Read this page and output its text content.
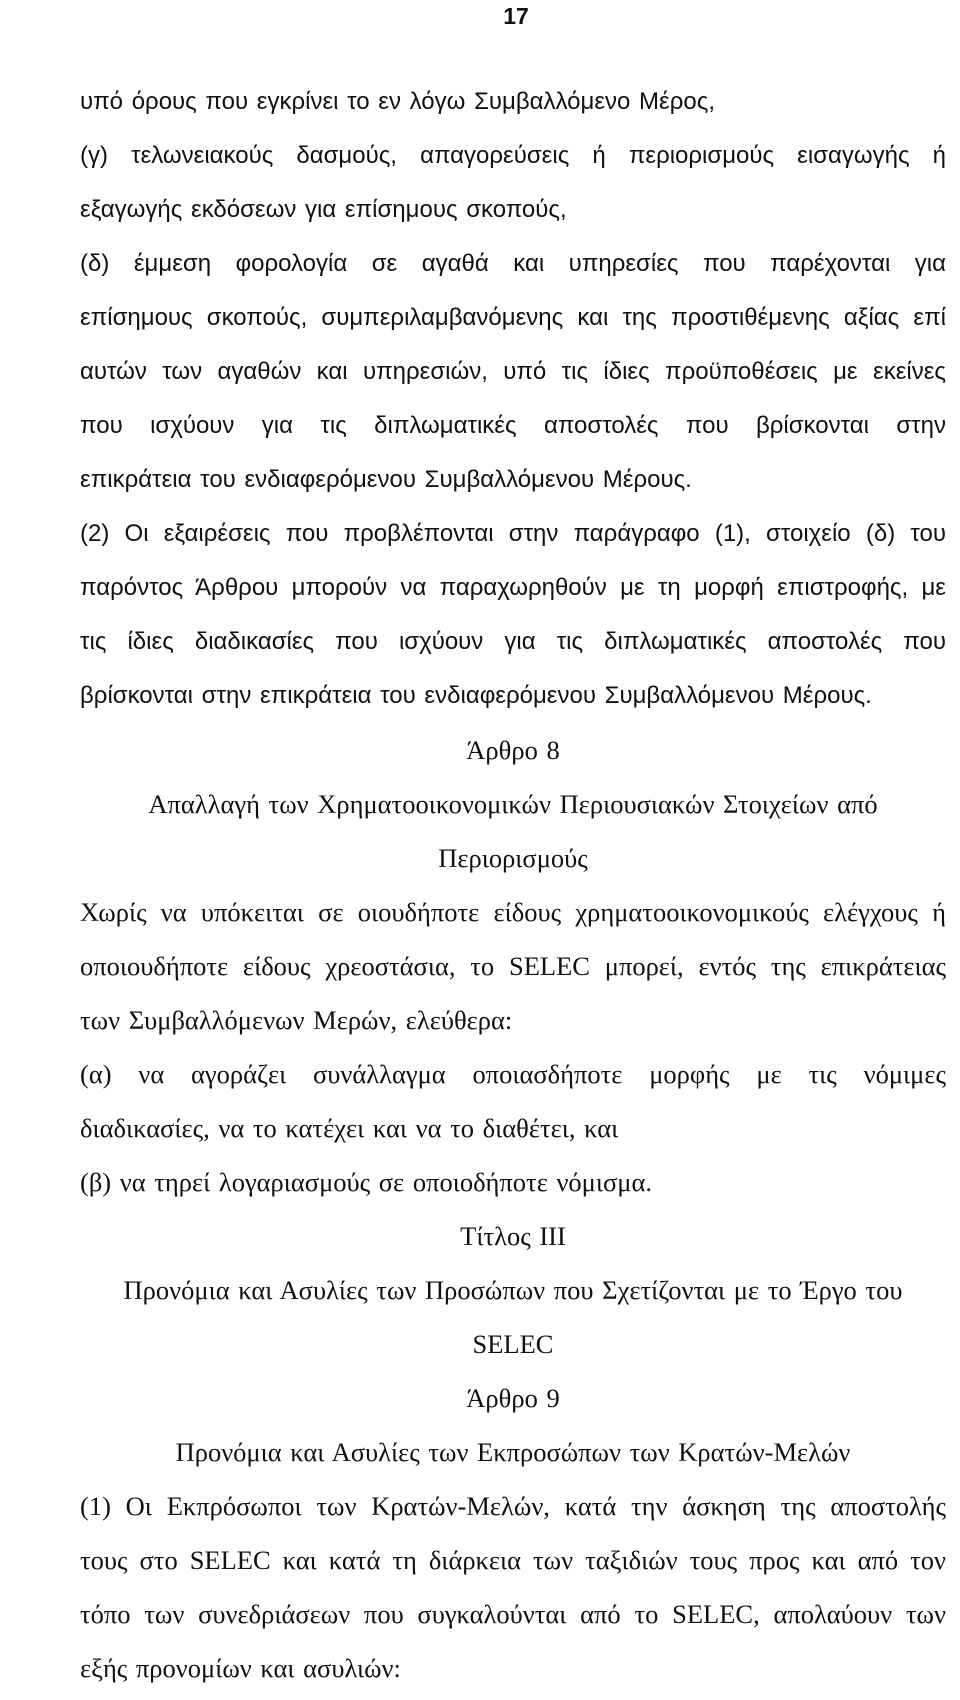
17
υπό όρους που εγκρίνει το εν λόγω Συμβαλλόμενο Μέρος,
(γ) τελωνειακούς δασμούς, απαγορεύσεις ή περιορισμούς εισαγωγής ή
εξαγωγής εκδόσεων για επίσημους σκοπούς,
(δ) έμμεση φορολογία σε αγαθά και υπηρεσίες που παρέχονται για
επίσημους σκοπούς, συμπεριλαμβανόμενης και της προστιθέμενης αξίας επί
αυτών των αγαθών και υπηρεσιών, υπό τις ίδιες προϋποθέσεις με εκείνες
που ισχύουν για τις διπλωματικές αποστολές που βρίσκονται στην
επικράτεια του ενδιαφερόμενου Συμβαλλόμενου Μέρους.
(2) Οι εξαιρέσεις που προβλέπονται στην παράγραφο (1), στοιχείο (δ) του
παρόντος Άρθρου μπορούν να παραχωρηθούν με τη μορφή επιστροφής, με
τις ίδιες διαδικασίες που ισχύουν για τις διπλωματικές αποστολές που
βρίσκονται στην επικράτεια του ενδιαφερόμενου Συμβαλλόμενου Μέρους.
Άρθρο 8
Απαλλαγή των Χρηματοοικονομικών Περιουσιακών Στοιχείων από
Περιορισμούς
Χωρίς να υπόκειται σε οιουδήποτε είδους χρηματοοικονομικούς ελέγχους ή
οποιουδήποτε είδους χρεοστάσια, το SELEC μπορεί, εντός της επικράτειας
των Συμβαλλόμενων Μερών, ελεύθερα:
(α) να αγοράζει συνάλλαγμα οποιασδήποτε μορφής με τις νόμιμες
διαδικασίες, να το κατέχει και να το διαθέτει, και
(β) να τηρεί λογαριασμούς σε οποιοδήποτε νόμισμα.
Τίτλος III
Προνόμια και Ασυλίες των Προσώπων που Σχετίζονται με το Έργο του
SELEC
Άρθρο 9
Προνόμια και Ασυλίες των Εκπροσώπων των Κρατών-Μελών
(1) Οι Εκπρόσωποι των Κρατών-Μελών, κατά την άσκηση της αποστολής
τους στο SELEC και κατά τη διάρκεια των ταξιδιών τους προς και από τον
τόπο των συνεδριάσεων που συγκαλούνται από το SELEC, απολαύουν των
εξής προνομίων και ασυλιών:
